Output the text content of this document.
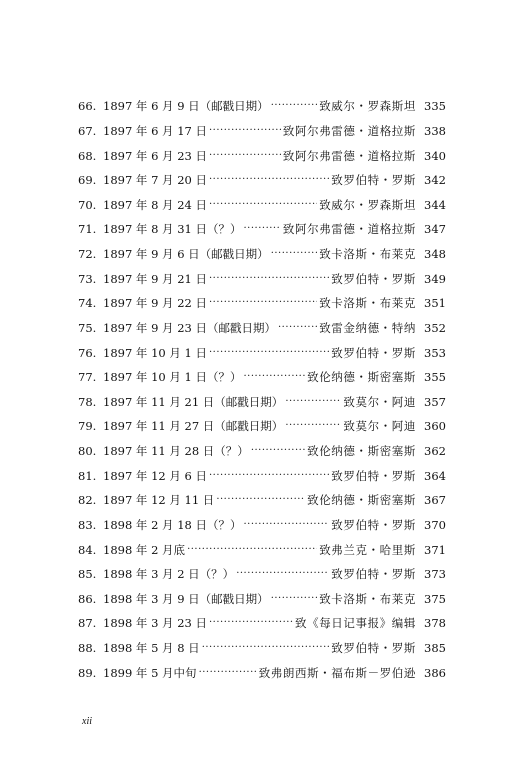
66. 1897 年 6 月 9 日（邮戳日期） ·····	致威尔・罗森斯坦 335
67. 1897 年 6 月 17 日 ·····	致阿尔弗雷德・道格拉斯 338
68. 1897 年 6 月 23 日 ·····	致阿尔弗雷德・道格拉斯 340
69. 1897 年 7 月 20 日 ·····	致罗伯特・罗斯 342
70. 1897 年 8 月 24 日 ·····	致威尔・罗森斯坦 344
71. 1897 年 8 月 31 日（？） ·····	致阿尔弗雷德・道格拉斯 347
72. 1897 年 9 月 6 日（邮戳日期） ·····	致卡洛斯・布莱克 348
73. 1897 年 9 月 21 日 ·····	致罗伯特・罗斯 349
74. 1897 年 9 月 22 日 ·····	致卡洛斯・布莱克 351
75. 1897 年 9 月 23 日（邮戳日期） ·····	致雷金纳德・特纳 352
76. 1897 年 10 月 1 日 ·····	致罗伯特・罗斯 353
77. 1897 年 10 月 1 日（？） ·····	致伦纳德・斯密塞斯 355
78. 1897 年 11 月 21 日（邮戳日期） ·····	致莫尔・阿迪 357
79. 1897 年 11 月 27 日（邮戳日期） ·····	致莫尔・阿迪 360
80. 1897 年 11 月 28 日（？） ·····	致伦纳德・斯密塞斯 362
81. 1897 年 12 月 6 日 ·····	致罗伯特・罗斯 364
82. 1897 年 12 月 11 日 ·····	致伦纳德・斯密塞斯 367
83. 1898 年 2 月 18 日（？） ·····	致罗伯特・罗斯 370
84. 1898 年 2 月底 ·····	致弗兰克・哈里斯 371
85. 1898 年 3 月 2 日（？） ·····	致罗伯特・罗斯 373
86. 1898 年 3 月 9 日（邮戳日期） ·····	致卡洛斯・布莱克 375
87. 1898 年 3 月 23 日 ·····	致《每日记事报》编辑 378
88. 1898 年 5 月 8 日 ·····	致罗伯特・罗斯 385
89. 1899 年 5 月中旬 ·····	致弗朗西斯・福布斯－罗伯逊 386
xii
